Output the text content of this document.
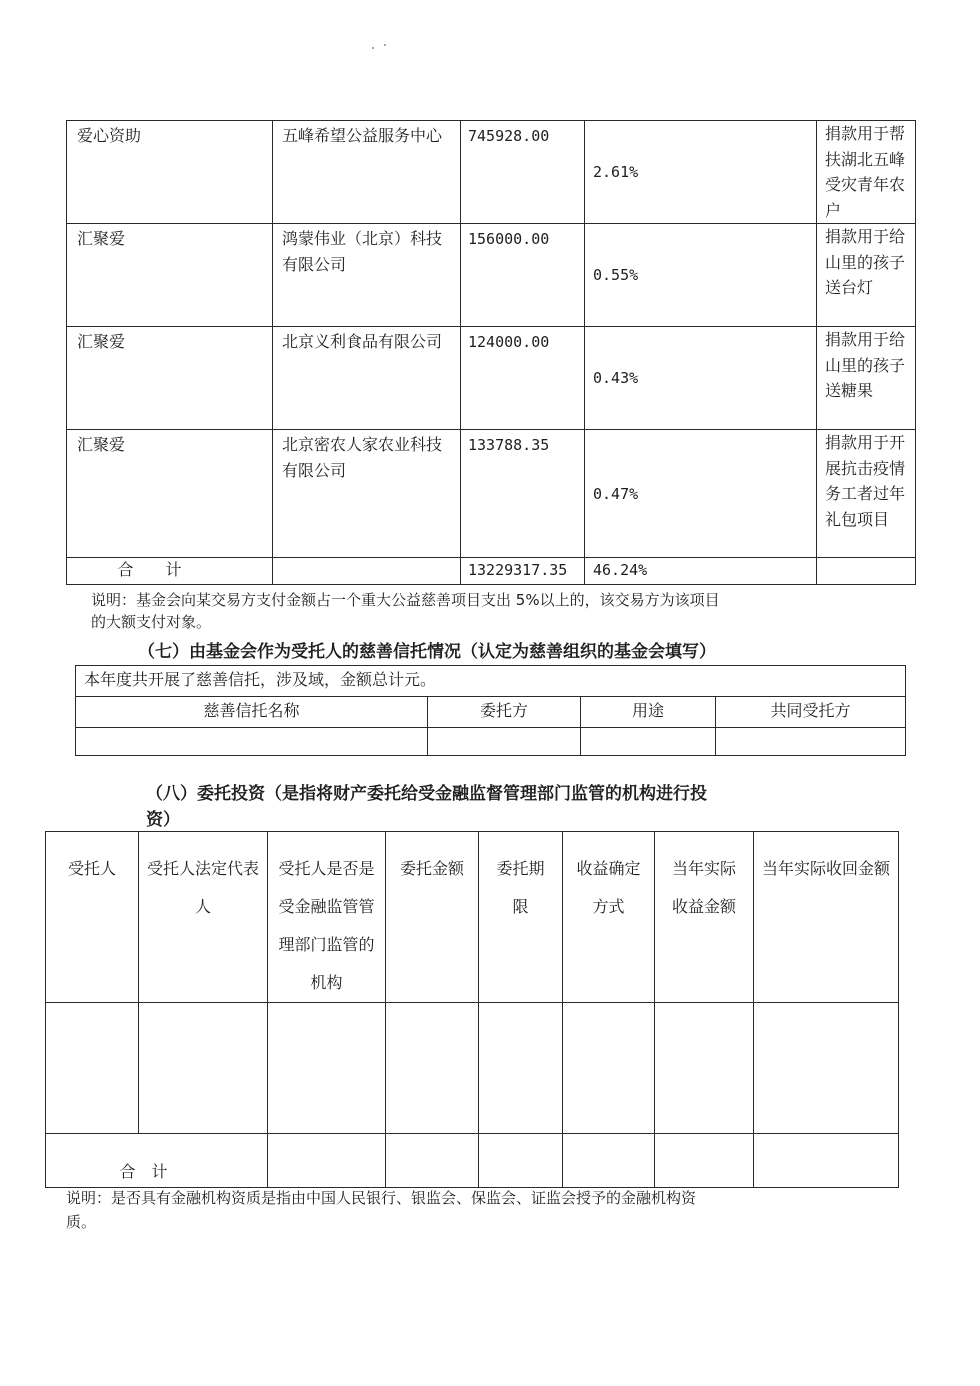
爱心资助	五峰希望公益服务中心	745928.00	2.61%	捐款用于帮扶湖北五峰受灾青年农户
汇聚爱	鸿蒙伟业（北京）科技有限公司	156000.00	0.55%	捐款用于给山里的孩子送台灯
汇聚爱	北京义利食品有限公司	124000.00	0.43%	捐款用于给山里的孩子送糖果
汇聚爱	北京密农人家农业科技有限公司	133788.35	0.47%	捐款用于开展抗击疫情务工者过年礼包项目
合　　计		13229317.35	46.24%	
说明：基金会向某交易方支付金额占一个重大公益慈善项目支出 5%以上的，该交易方为该项目
的大额支付对象。
（七）由基金会作为受托人的慈善信托情况（认定为慈善组织的基金会填写）
本年度共开展了慈善信托，涉及域，金额总计元。			
慈善信托名称	委托方	用途	共同受托方

（八）委托投资（是指将财产委托给受金融监督管理部门监管的机构进行投
资）
受托人	受托人法定代表人	受托人是否是受金融监管管理部门监管的机构	委托金额	委托期限	收益确定方式	当年实际收益金额	当年实际收回金额

合　计							
说明：是否具有金融机构资质是指由中国人民银行、银监会、保监会、证监会授予的金融机构资
质。
